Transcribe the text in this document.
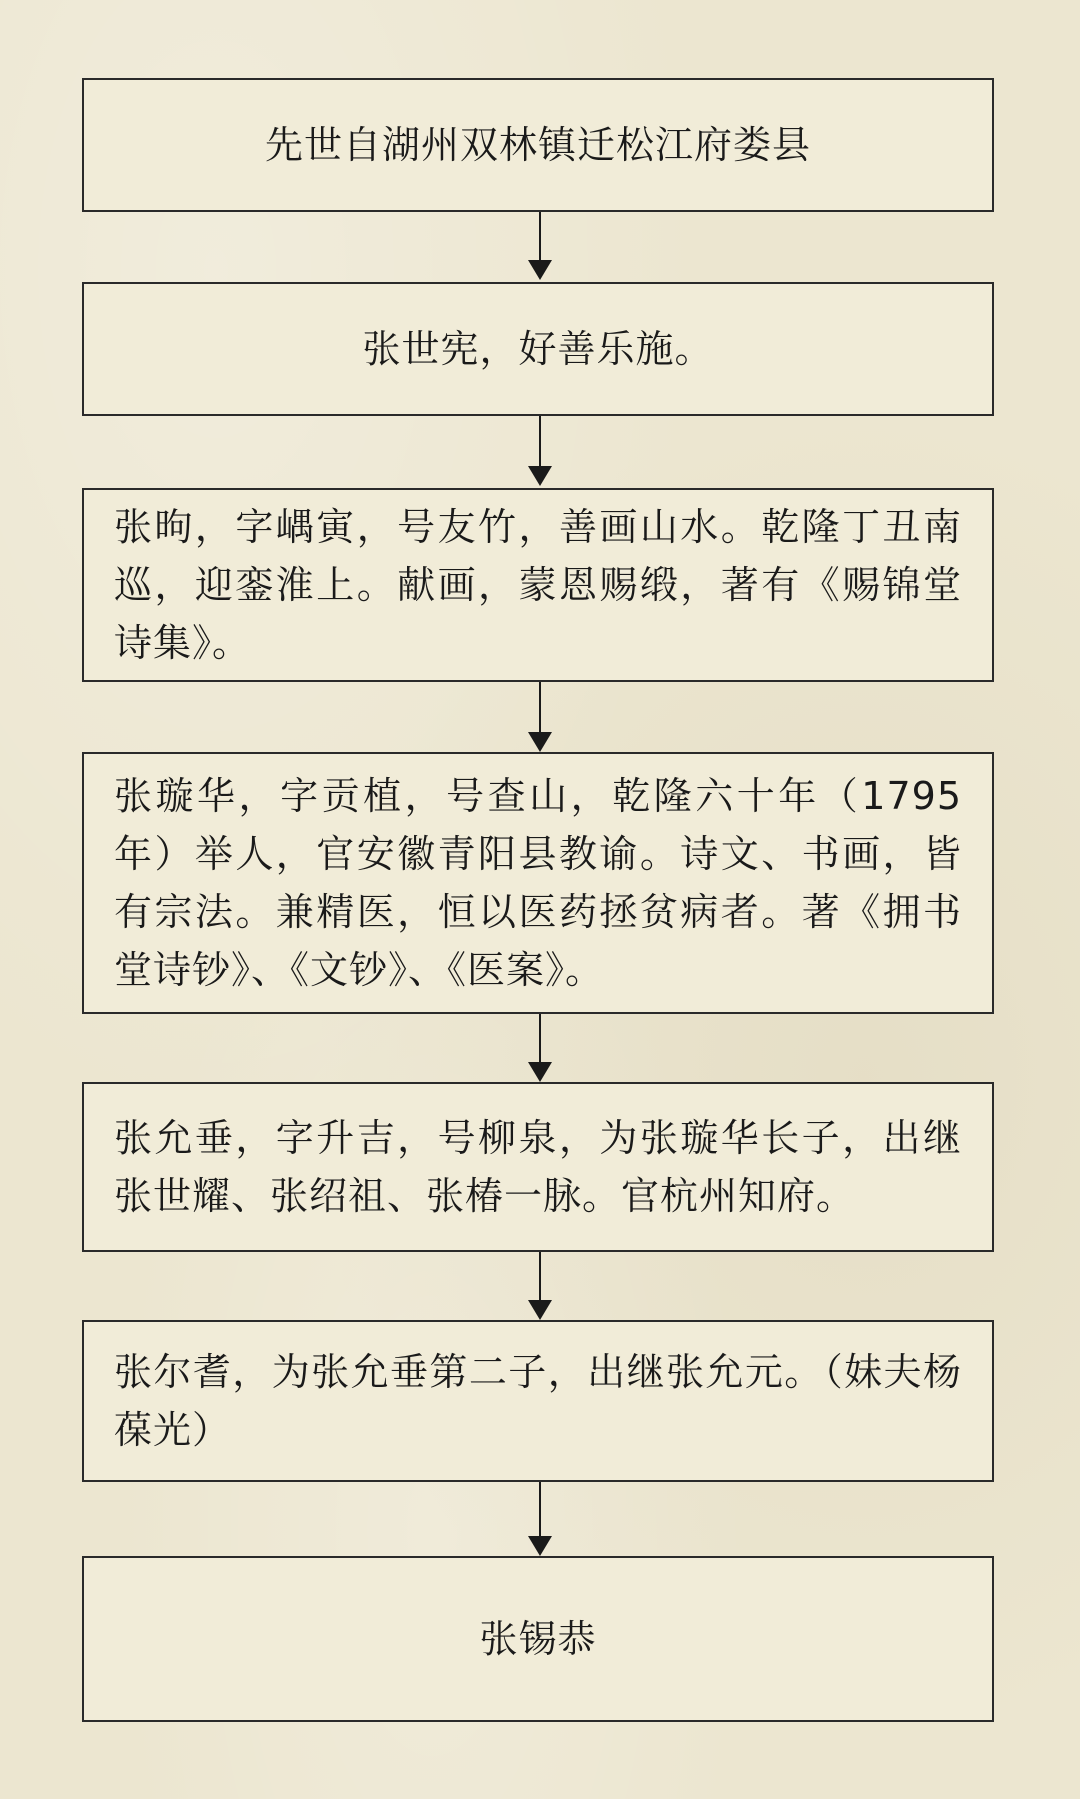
先世自湖州双林镇迁松江府娄县
张世宪，好善乐施。
张昫，字嵎寅，号友竹，善画山水。乾隆丁丑南巡，迎銮淮上。献画，蒙恩赐缎，著有《赐锦堂诗集》。
张璇华，字贡植，号查山，乾隆六十年（1795年）举人，官安徽青阳县教谕。诗文、书画，皆有宗法。兼精医，恒以医药拯贫病者。著《拥书堂诗钞》、《文钞》、《医案》。
张允垂，字升吉，号柳泉，为张璇华长子，出继张世耀、张绍祖、张椿一脉。官杭州知府。
张尔耆，为张允垂第二子，出继张允元。（妹夫杨葆光）
张锡恭
